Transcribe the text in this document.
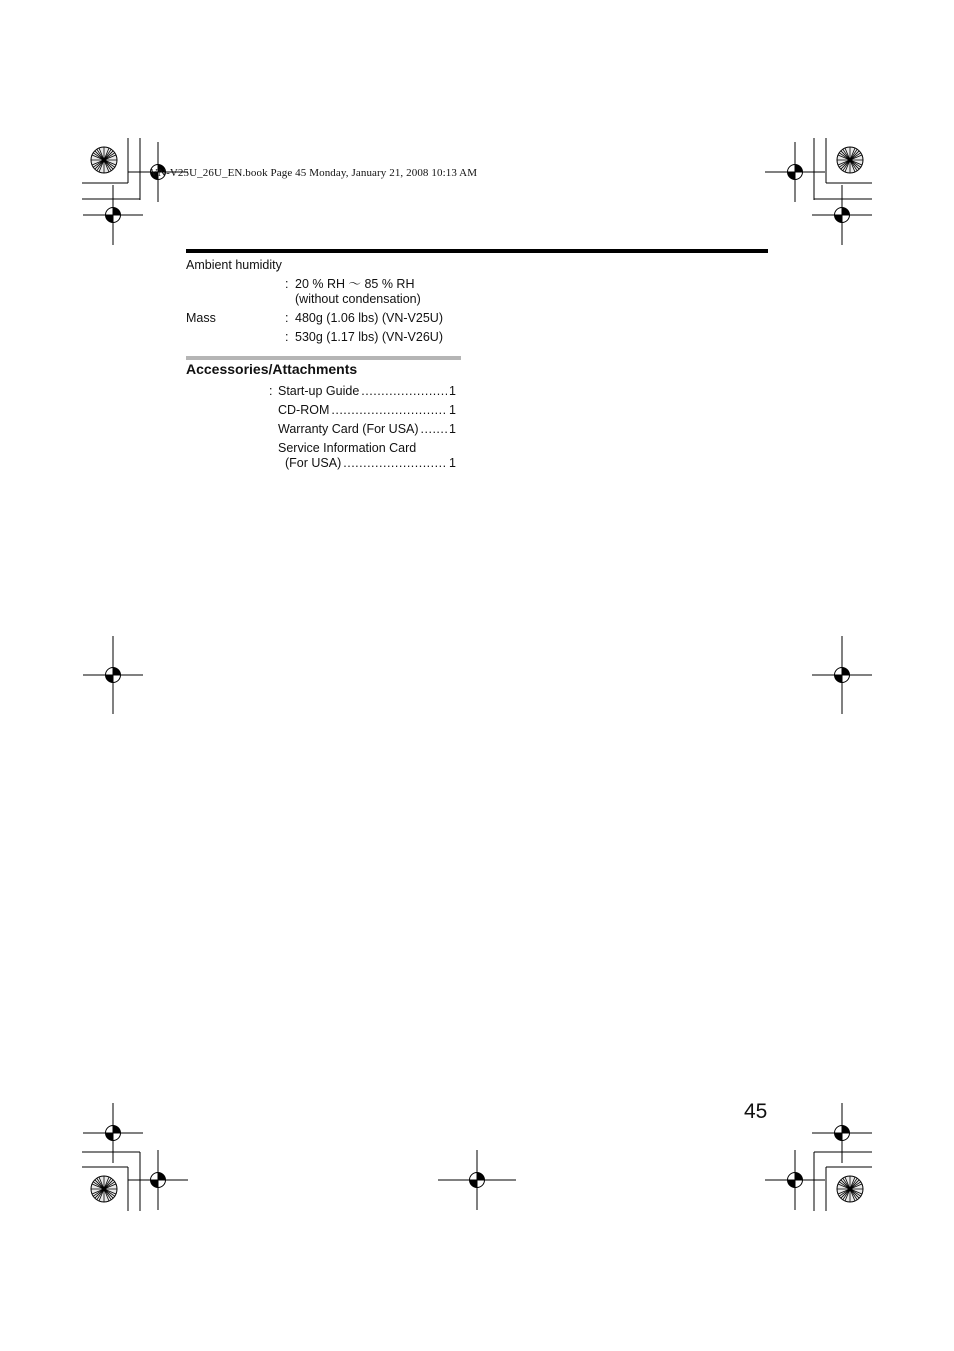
VN-V25U_26U_EN.book Page 45 Monday, January 21, 2008 10:13 AM
Ambient humidity
: 20 % RH ～ 85 % RH
(without condensation)
Mass	: 480g (1.06 lbs) (VN-V25U)
: 530g (1.17 lbs) (VN-V26U)
Accessories/Attachments
: Start-up Guide .....	1
CD-ROM .....	1
Warranty Card (For USA) ..... 1
Service Information Card
(For USA) .....	1
45
